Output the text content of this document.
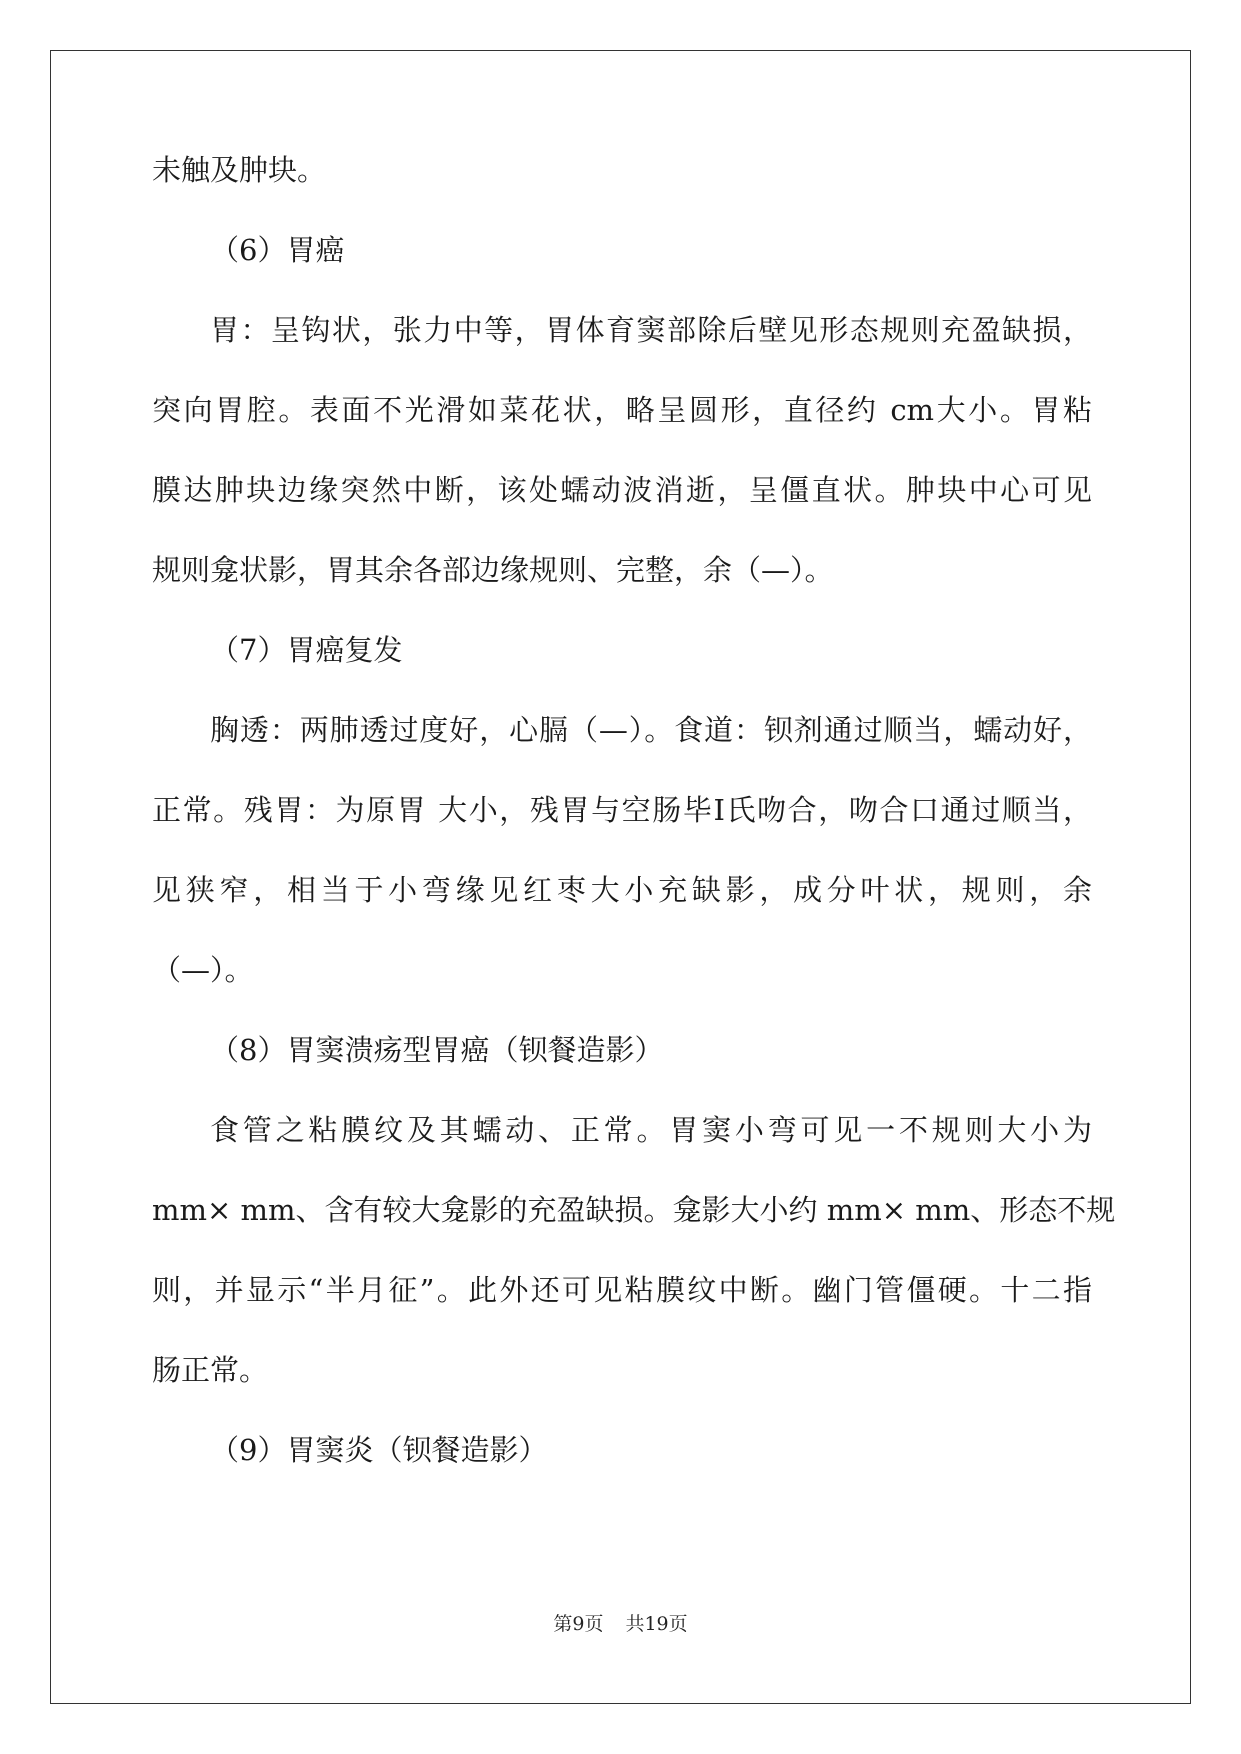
未触及肿块。
（6）胃癌
胃：呈钩状，张力中等，胃体育窦部除后壁见形态规则充盈缺损，
突向胃腔。表面不光滑如菜花状，略呈圆形，直径约 cm大小。胃粘
膜达肿块边缘突然中断，该处蠕动波消逝，呈僵直状。肿块中心可见
规则龛状影，胃其余各部边缘规则、完整，余（—）。
（7）胃癌复发
胸透：两肺透过度好，心膈（—）。食道：钡剂通过顺当，蠕动好，
正常。残胃：为原胃 大小，残胃与空肠毕Ⅰ氏吻合，吻合口通过顺当，
见狭窄，相当于小弯缘见红枣大小充缺影，成分叶状，规则，余
（—）。
（8）胃窦溃疡型胃癌（钡餐造影）
食管之粘膜纹及其蠕动、正常。胃窦小弯可见一不规则大小为
mm× mm、含有较大龛影的充盈缺损。龛影大小约 mm× mm、形态不规
则，并显示“半月征”。此外还可见粘膜纹中断。幽门管僵硬。十二指
肠正常。
（9）胃窦炎（钡餐造影）
第9页 共19页
